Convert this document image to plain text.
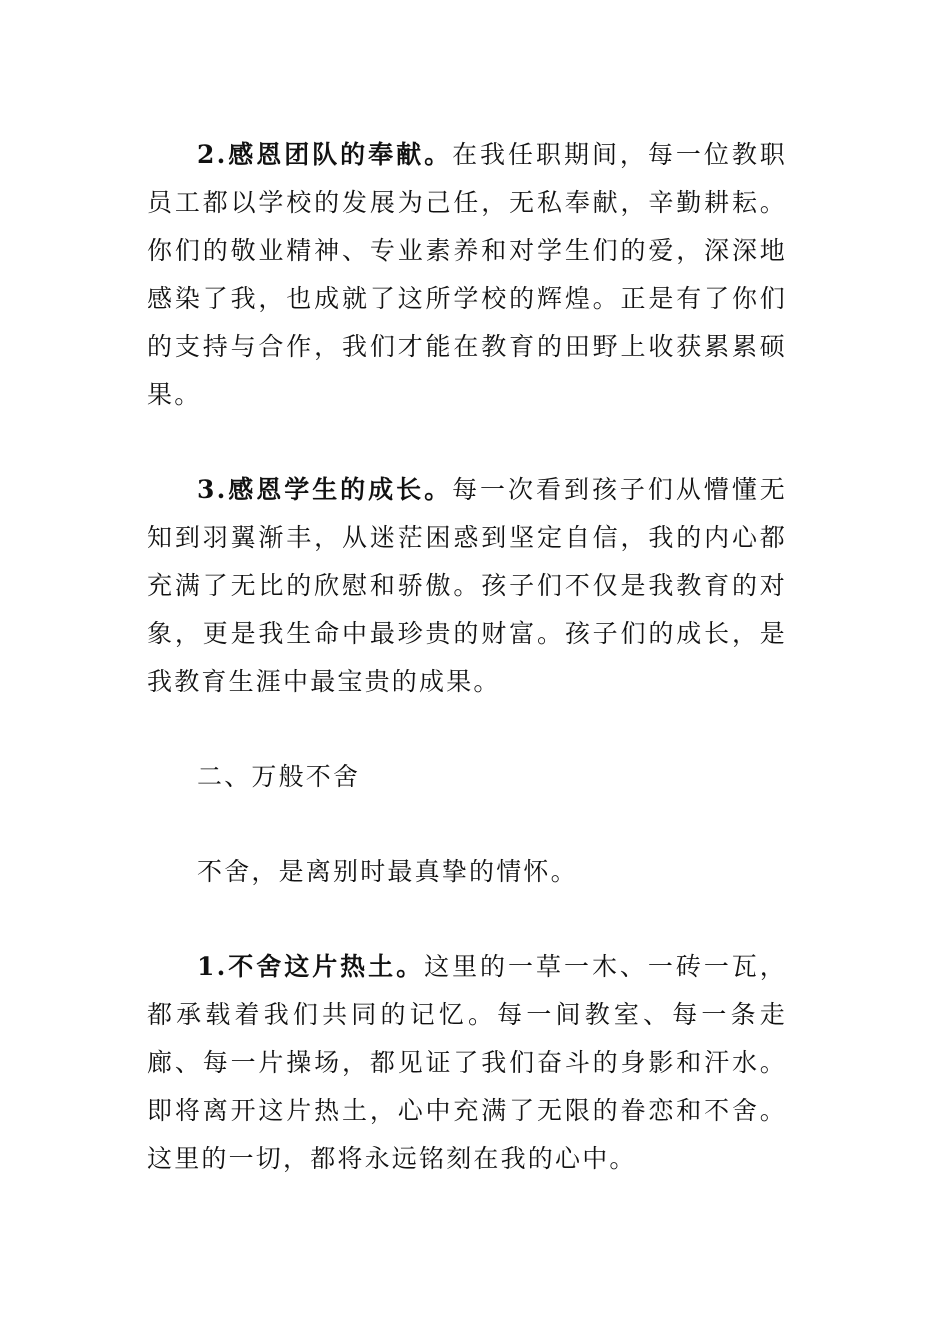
2.感恩团队的奉献。在我任职期间，每一位教职员工都以学校的发展为己任，无私奉献，辛勤耕耘。你们的敬业精神、专业素养和对学生们的爱，深深地感染了我，也成就了这所学校的辉煌。正是有了你们的支持与合作，我们才能在教育的田野上收获累累硕果。

3.感恩学生的成长。每一次看到孩子们从懵懂无知到羽翼渐丰，从迷茫困惑到坚定自信，我的内心都充满了无比的欣慰和骄傲。孩子们不仅是我教育的对象，更是我生命中最珍贵的财富。孩子们的成长，是我教育生涯中最宝贵的成果。

二、万般不舍

不舍，是离别时最真挚的情怀。

1.不舍这片热土。这里的一草一木、一砖一瓦，都承载着我们共同的记忆。每一间教室、每一条走廊、每一片操场，都见证了我们奋斗的身影和汗水。即将离开这片热土，心中充满了无限的眷恋和不舍。这里的一切，都将永远铭刻在我的心中。
